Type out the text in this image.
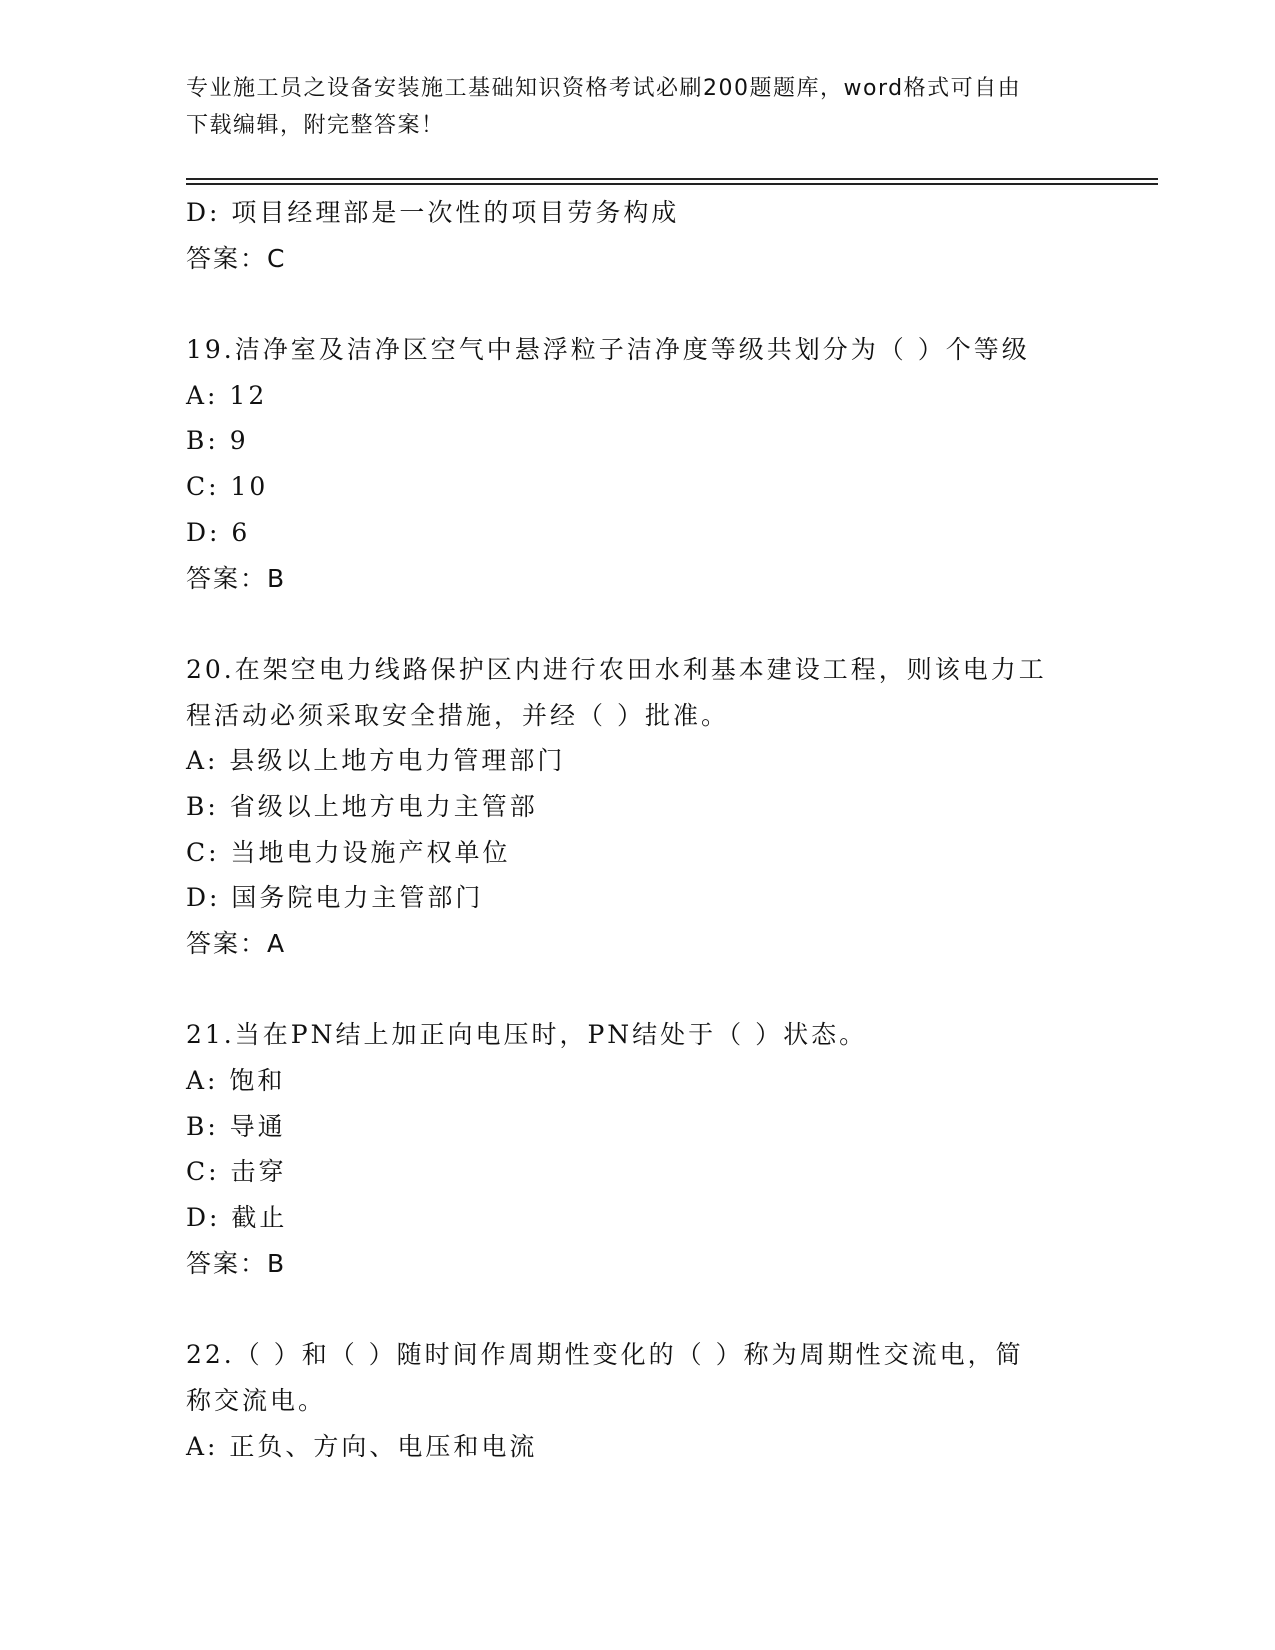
专业施工员之设备安装施工基础知识资格考试必刷200题题库，word格式可自由
下载编辑，附完整答案！
D: 项目经理部是一次性的项目劳务构成
答案：C
19.洁净室及洁净区空气中悬浮粒子洁净度等级共划分为（ ）个等级
A: 12
B: 9
C: 10
D: 6
答案：B
20.在架空电力线路保护区内进行农田水利基本建设工程，则该电力工
程活动必须采取安全措施，并经（ ）批准。
A: 县级以上地方电力管理部门
B: 省级以上地方电力主管部
C: 当地电力设施产权单位
D: 国务院电力主管部门
答案：A
21.当在PN结上加正向电压时，PN结处于（ ）状态。
A: 饱和
B: 导通
C: 击穿
D: 截止
答案：B
22.（ ）和（ ）随时间作周期性变化的（ ）称为周期性交流电，简
称交流电。
A: 正负、方向、电压和电流
